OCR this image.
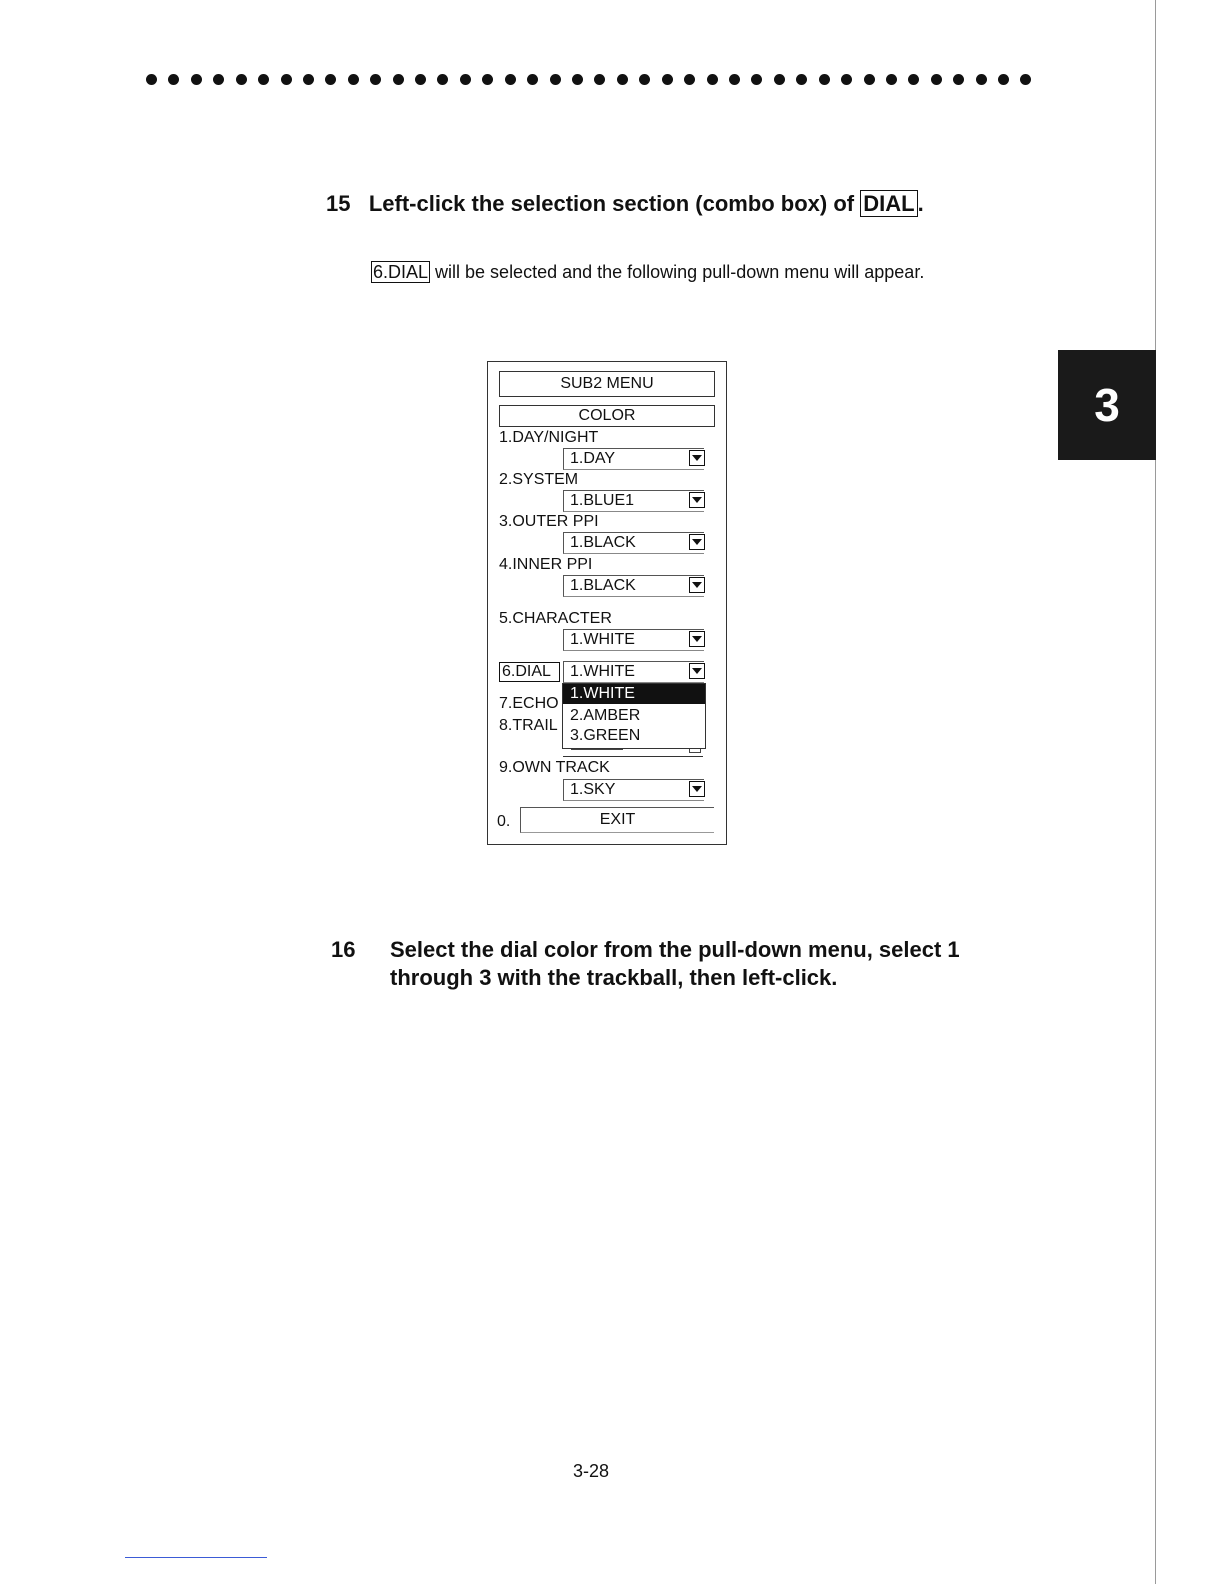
3
15 Left-click the selection section (combo box) of DIAL .
6.DIAL will be selected and the following pull-down menu will appear.
SUB2 MENU
COLOR
1.DAY/NIGHT
1.DAY
2.SYSTEM
1.BLUE1
3.OUTER PPI
1.BLACK
4.INNER PPI
1.BLACK
5.CHARACTER
1.WHITE
6.DIAL	1.WHITE
7.ECHO
8.TRAIL
1.WHITE
2.AMBER
3.GREEN
9.OWN TRACK
1.SKY
0.	EXIT
16 Select the dial color from the pull-down menu, select 1
through 3 with the trackball, then left-click.
3-28
